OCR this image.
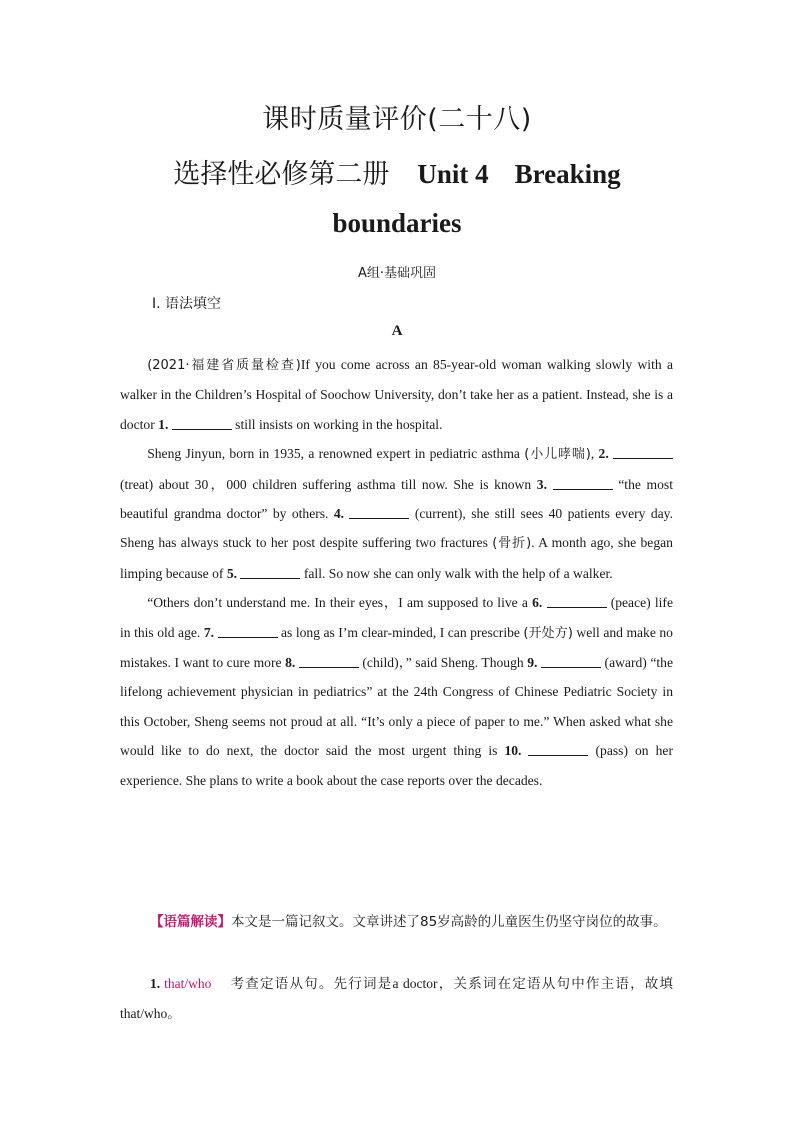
课时质量评价(二十八)
选择性必修第二册 Unit 4 Breaking
boundaries
A组·基础巩固
Ⅰ. 语法填空
A

(2021·福建省质量检查)If you come across an 85-year-old woman walking slowly with a walker in the Children’s Hospital of Soochow University, don’t take her as a patient. Instead, she is a doctor 1.	still insists on working in the hospital.

Sheng Jinyun, born in 1935, a renowned expert in pediatric asthma (小儿哮喘), 2.  (treat) about 30，000 children suffering asthma till now. She is known 3.	“the most beautiful grandma doctor” by others. 4.	(current), she still sees 40 patients every day. Sheng has always stuck to her post despite suffering two fractures (骨折). A month ago, she began limping because of 5.	fall. So now she can only walk with the help of a walker.

“Others don’t understand me. In their eyes，I am supposed to live a 6.	(peace) life in this old age. 7.	as long as I’m clear-minded, I can prescribe (开处方) well and make no mistakes. I want to cure more 8.	(child)，” said Sheng. Though 9.	(award) “the lifelong achievement physician in pediatrics” at the 24th Congress of Chinese Pediatric Society in this October, Sheng seems not proud at all. “It’s only a piece of paper to me.” When asked what she would like to do next, the doctor said the most urgent thing is 10.	(pass) on her experience. She plans to write a book about the case reports over the decades.

【语篇解读】本文是一篇记叙文。文章讲述了85岁高龄的儿童医生仍坚守岗位的故事。

1. that/who 考查定语从句。先行词是a doctor，关系词在定语从句中作主语，故填that/who。
